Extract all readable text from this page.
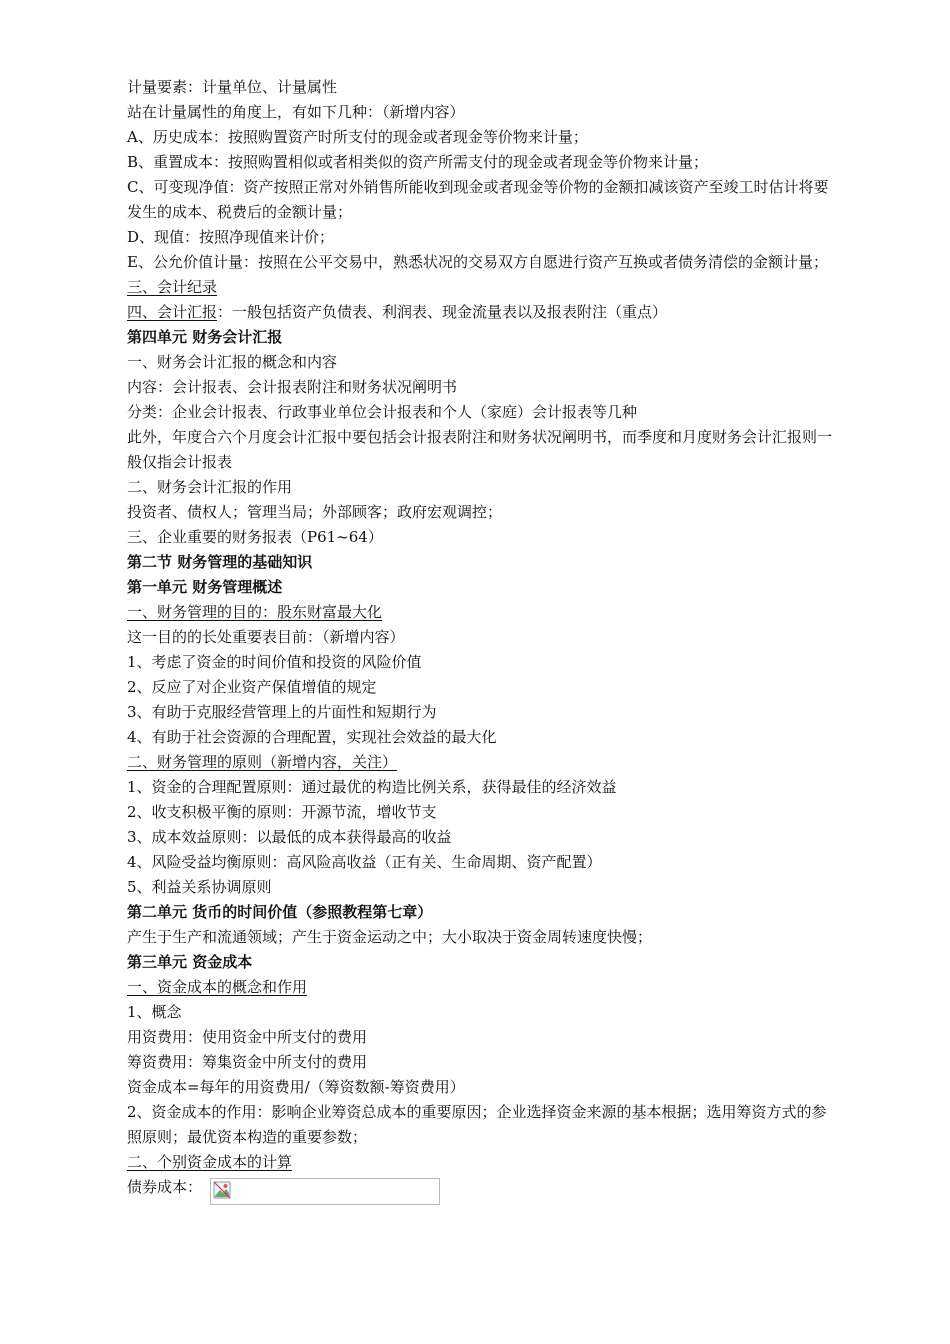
计量要素：计量单位、计量属性
站在计量属性的角度上，有如下几种：（新增内容）
A、历史成本：按照购置资产时所支付的现金或者现金等价物来计量；
B、重置成本：按照购置相似或者相类似的资产所需支付的现金或者现金等价物来计量；
C、可变现净值：资产按照正常对外销售所能收到现金或者现金等价物的金额扣减该资产至竣工时估计将要发生的成本、税费后的金额计量；
D、现值：按照净现值来计价；
E、公允价值计量：按照在公平交易中，熟悉状况的交易双方自愿进行资产互换或者债务清偿的金额计量；
三、会计纪录
四、会计汇报：一般包括资产负债表、利润表、现金流量表以及报表附注（重点）
第四单元 财务会计汇报
一、财务会计汇报的概念和内容
内容：会计报表、会计报表附注和财务状况阐明书
分类：企业会计报表、行政事业单位会计报表和个人（家庭）会计报表等几种
此外，年度合六个月度会计汇报中要包括会计报表附注和财务状况阐明书，而季度和月度财务会计汇报则一般仅指会计报表
二、财务会计汇报的作用
投资者、债权人；管理当局；外部顾客；政府宏观调控；
三、企业重要的财务报表（P61~64）
第二节 财务管理的基础知识
第一单元 财务管理概述
一、财务管理的目的：股东财富最大化
这一目的的长处重要表目前：（新增内容）
1、考虑了资金的时间价值和投资的风险价值
2、反应了对企业资产保值增值的规定
3、有助于克服经营管理上的片面性和短期行为
4、有助于社会资源的合理配置，实现社会效益的最大化
二、财务管理的原则（新增内容，关注）
1、资金的合理配置原则：通过最优的构造比例关系，获得最佳的经济效益
2、收支积极平衡的原则：开源节流，增收节支
3、成本效益原则：以最低的成本获得最高的收益
4、风险受益均衡原则：高风险高收益（正有关、生命周期、资产配置）
5、利益关系协调原则
第二单元 货币的时间价值（参照教程第七章）
产生于生产和流通领域；产生于资金运动之中；大小取决于资金周转速度快慢；
第三单元 资金成本
一、资金成本的概念和作用
1、概念
用资费用：使用资金中所支付的费用
筹资费用：筹集资金中所支付的费用
资金成本=每年的用资费用/（筹资数额-筹资费用）
2、资金成本的作用：影响企业筹资总成本的重要原因；企业选择资金来源的基本根据；选用筹资方式的参照原则；最优资本构造的重要参数；
二、个别资金成本的计算
债券成本：
